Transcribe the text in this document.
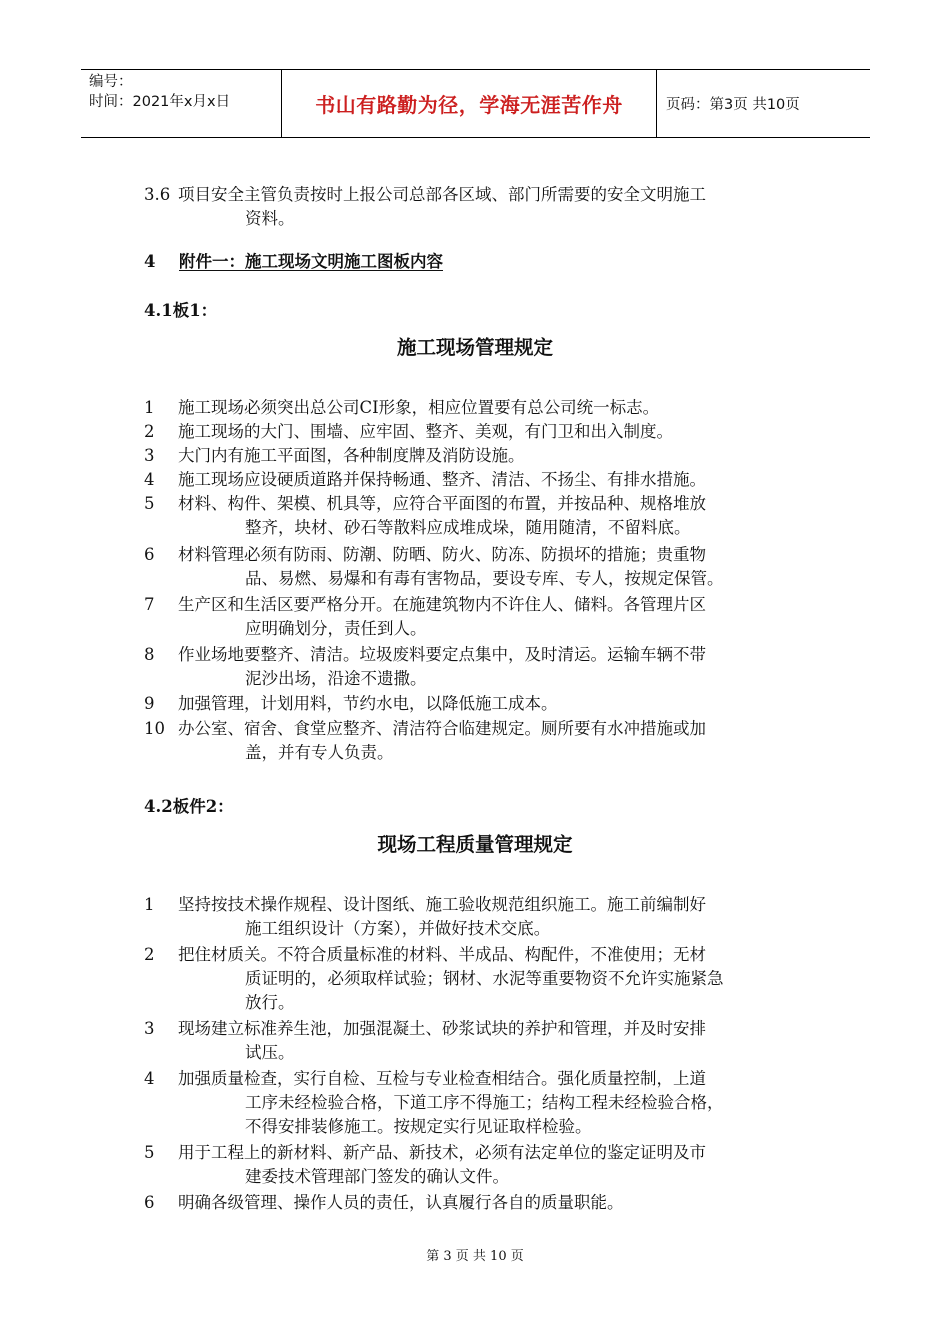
编号：
时间：2021年x月x日	书山有路勤为径，学海无涯苦作舟	页码：第3页 共10页
3.6 项目安全主管负责按时上报公司总部各区域、部门所需要的安全文明施工
资料。
4 附件一：施工现场文明施工图板内容
4.1板1：
施工现场管理规定
1 施工现场必须突出总公司CI形象，相应位置要有总公司统一标志。
2 施工现场的大门、围墙、应牢固、整齐、美观，有门卫和出入制度。
3 大门内有施工平面图，各种制度牌及消防设施。
4 施工现场应设硬质道路并保持畅通、整齐、清洁、不扬尘、有排水措施。
5 材料、构件、架模、机具等，应符合平面图的布置，并按品种、规格堆放
整齐，块材、砂石等散料应成堆成垛，随用随清，不留料底。
6 材料管理必须有防雨、防潮、防晒、防火、防冻、防损坏的措施；贵重物
品、易燃、易爆和有毒有害物品，要设专库、专人，按规定保管。
7 生产区和生活区要严格分开。在施建筑物内不许住人、储料。各管理片区
应明确划分，责任到人。
8 作业场地要整齐、清洁。垃圾废料要定点集中，及时清运。运输车辆不带
泥沙出场，沿途不遗撒。
9 加强管理，计划用料，节约水电，以降低施工成本。
10 办公室、宿舍、食堂应整齐、清洁符合临建规定。厕所要有水冲措施或加
盖，并有专人负责。
4.2板件2：
现场工程质量管理规定
1 坚持按技术操作规程、设计图纸、施工验收规范组织施工。施工前编制好
施工组织设计（方案），并做好技术交底。
2 把住材质关。不符合质量标准的材料、半成品、构配件，不准使用；无材
质证明的，必须取样试验；钢材、水泥等重要物资不允许实施紧急
放行。
3 现场建立标准养生池，加强混凝土、砂浆试块的养护和管理，并及时安排
试压。
4 加强质量检查，实行自检、互检与专业检查相结合。强化质量控制，上道
工序未经检验合格，下道工序不得施工；结构工程未经检验合格，
不得安排装修施工。按规定实行见证取样检验。
5 用于工程上的新材料、新产品、新技术，必须有法定单位的鉴定证明及市
建委技术管理部门签发的确认文件。
6 明确各级管理、操作人员的责任，认真履行各自的质量职能。
第 3 页 共 10 页
